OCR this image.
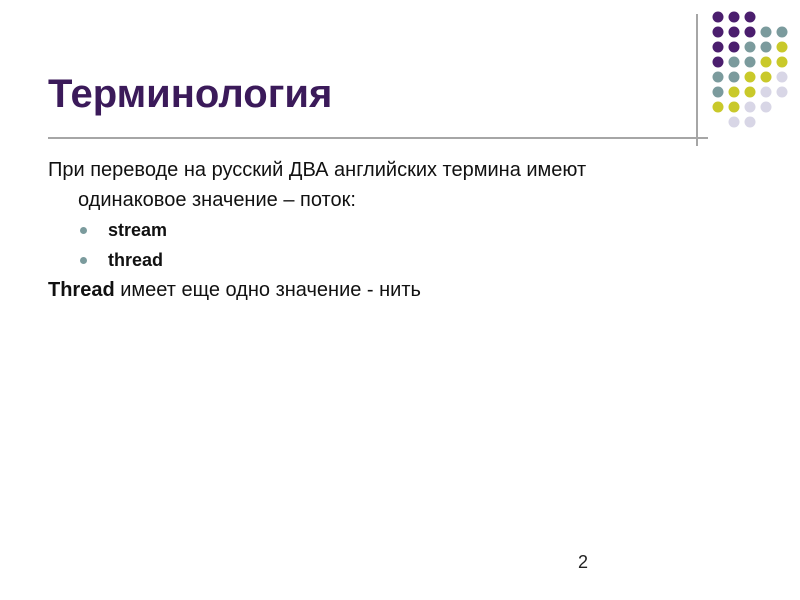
Терминология

При переводе на русский ДВА английских термина имеют одинаковое значение – поток:

stream
thread

Thread имеет еще одно значение - нить

2
